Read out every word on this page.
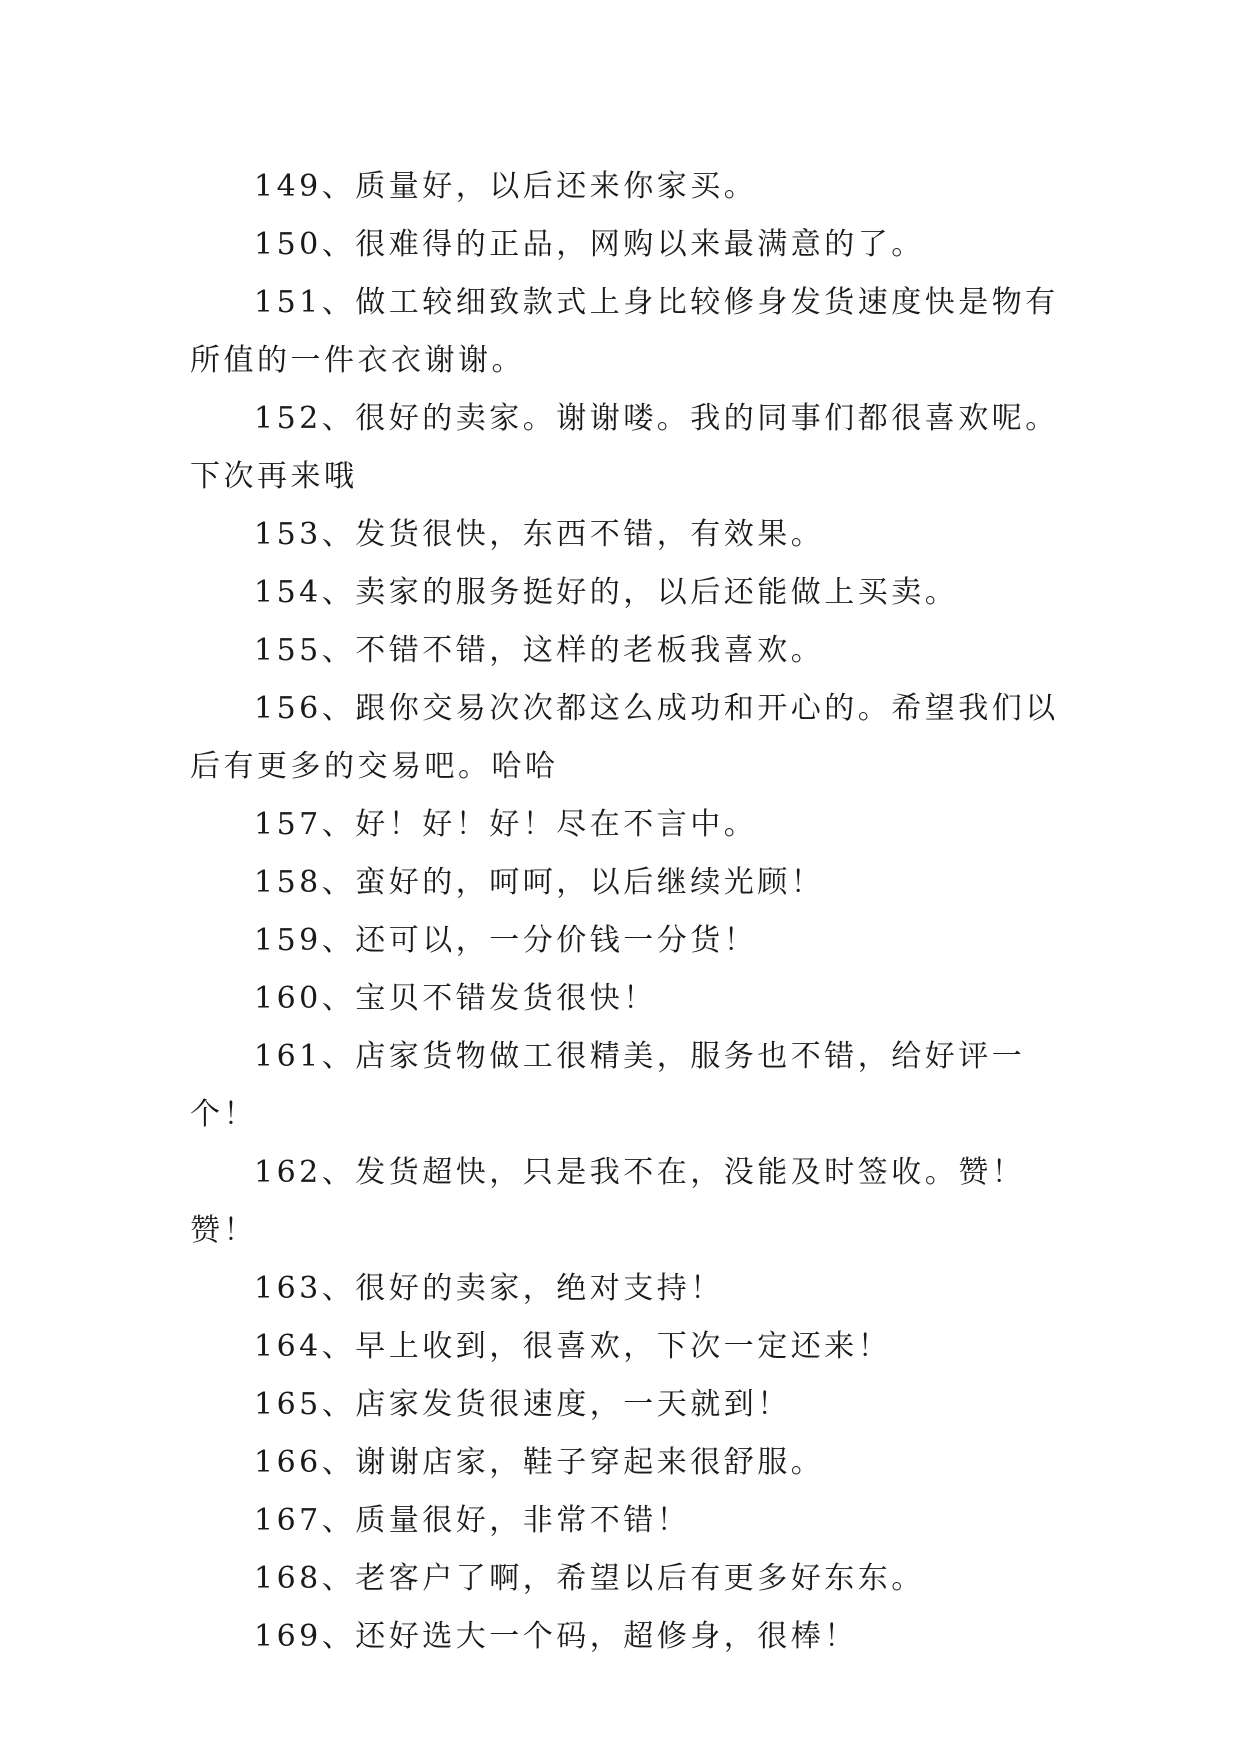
149、质量好，以后还来你家买。

150、很难得的正品，网购以来最满意的了。

151、做工较细致款式上身比较修身发货速度快是物有所值的一件衣衣谢谢。

152、很好的卖家。谢谢喽。我的同事们都很喜欢呢。下次再来哦

153、发货很快，东西不错，有效果。

154、卖家的服务挺好的，以后还能做上买卖。

155、不错不错，这样的老板我喜欢。

156、跟你交易次次都这么成功和开心的。希望我们以后有更多的交易吧。哈哈

157、好！好！好！尽在不言中。

158、蛮好的，呵呵，以后继续光顾！

159、还可以，一分价钱一分货！

160、宝贝不错发货很快！

161、店家货物做工很精美，服务也不错，给好评一个！

162、发货超快，只是我不在，没能及时签收。赞！赞！

163、很好的卖家，绝对支持！

164、早上收到，很喜欢，下次一定还来！

165、店家发货很速度，一天就到！

166、谢谢店家，鞋子穿起来很舒服。

167、质量很好，非常不错！

168、老客户了啊，希望以后有更多好东东。

169、还好选大一个码，超修身，很棒！
